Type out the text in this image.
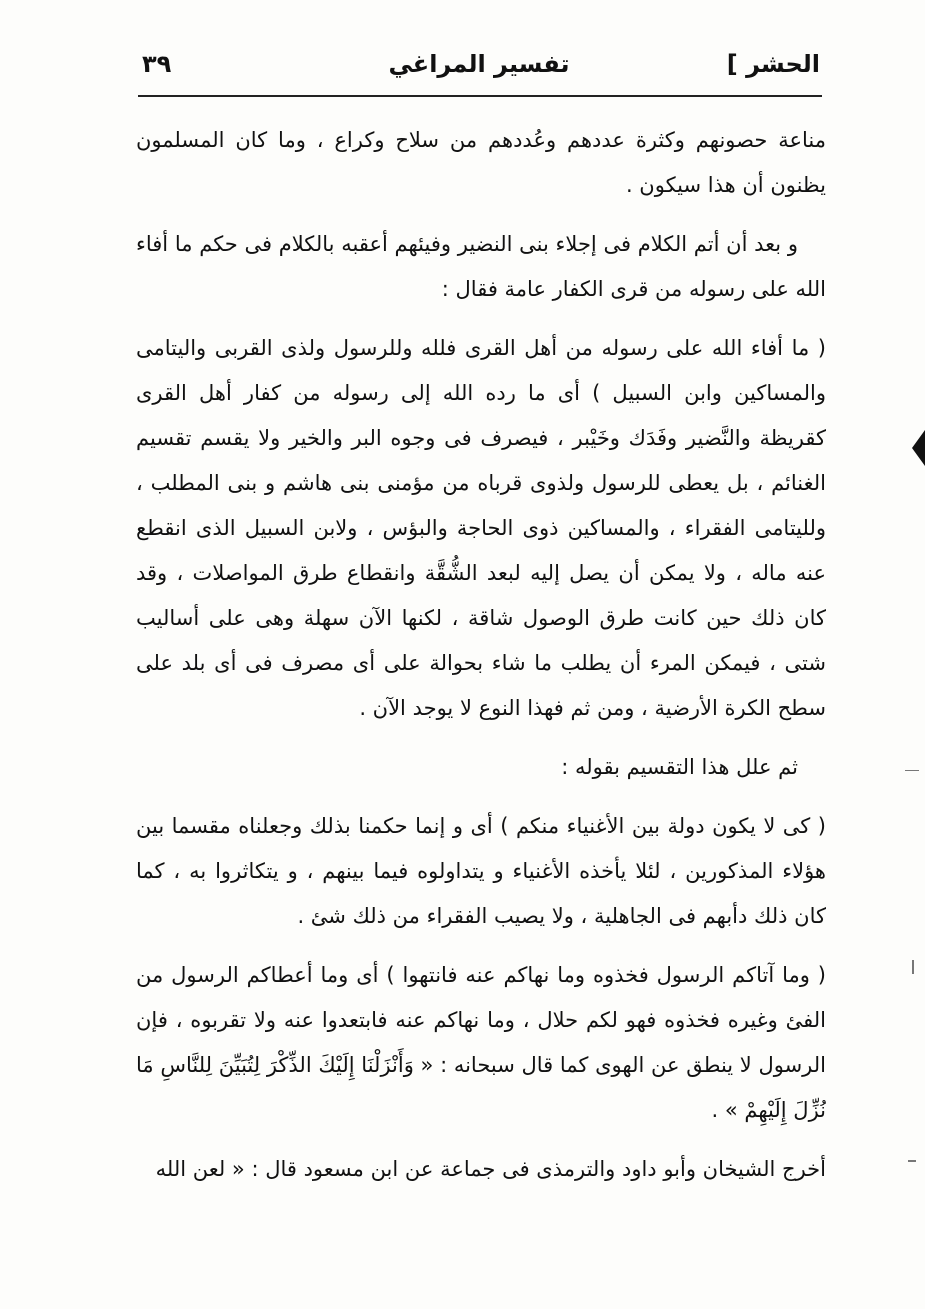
الحشر ]
تفسير المراغي
٣٩

مناعة حصونهم وكثرة عددهم وعُددهم من سلاح وكراع ، وما كان المسلمون يظنون أن هذا سيكون .

و بعد أن أتم الكلام فى إجلاء بنى النضير وفيئهم أعقبه بالكلام فى حكم ما أفاء الله على رسوله من قرى الكفار عامة فقال :

( ما أفاء الله على رسوله من أهل القرى فلله وللرسول ولذى القربى واليتامى والمساكين وابن السبيل ) أى ما رده الله إلى رسوله من كفار أهل القرى كقريظة والنَّضير وفَدَك وخَيْبر ، فيصرف فى وجوه البر والخير ولا يقسم تقسيم الغنائم ، بل يعطى للرسول ولذوى قرباه من مؤمنى بنى هاشم و بنى المطلب ، ولليتامى الفقراء ، والمساكين ذوى الحاجة والبؤس ، ولابن السبيل الذى انقطع عنه ماله ، ولا يمكن أن يصل إليه لبعد الشُّقَّة وانقطاع طرق المواصلات ، وقد كان ذلك حين كانت طرق الوصول شاقة ، لكنها الآن سهلة وهى على أساليب شتى ، فيمكن المرء أن يطلب ما شاء بحوالة على أى مصرف فى أى بلد على سطح الكرة الأرضية ، ومن ثم فهذا النوع لا يوجد الآن .

ثم علل هذا التقسيم بقوله :

( كى لا يكون دولة بين الأغنياء منكم ) أى و إنما حكمنا بذلك وجعلناه مقسما بين هؤلاء المذكورين ، لئلا يأخذه الأغنياء و يتداولوه فيما بينهم ، و يتكاثروا به ، كما كان ذلك دأبهم فى الجاهلية ، ولا يصيب الفقراء من ذلك شئ .

( وما آتاكم الرسول فخذوه وما نهاكم عنه فانتهوا ) أى وما أعطاكم الرسول من الفئ وغيره فخذوه فهو لكم حلال ، وما نهاكم عنه فابتعدوا عنه ولا تقربوه ، فإن الرسول لا ينطق عن الهوى كما قال سبحانه : « وَأَنْزَلْنَا إِلَيْكَ الذِّكْرَ لِتُبَيِّنَ لِلنَّاسِ مَا نُزِّلَ إِلَيْهِمْ » .

أخرج الشيخان وأبو داود والترمذى فى جماعة عن ابن مسعود قال : « لعن الله
